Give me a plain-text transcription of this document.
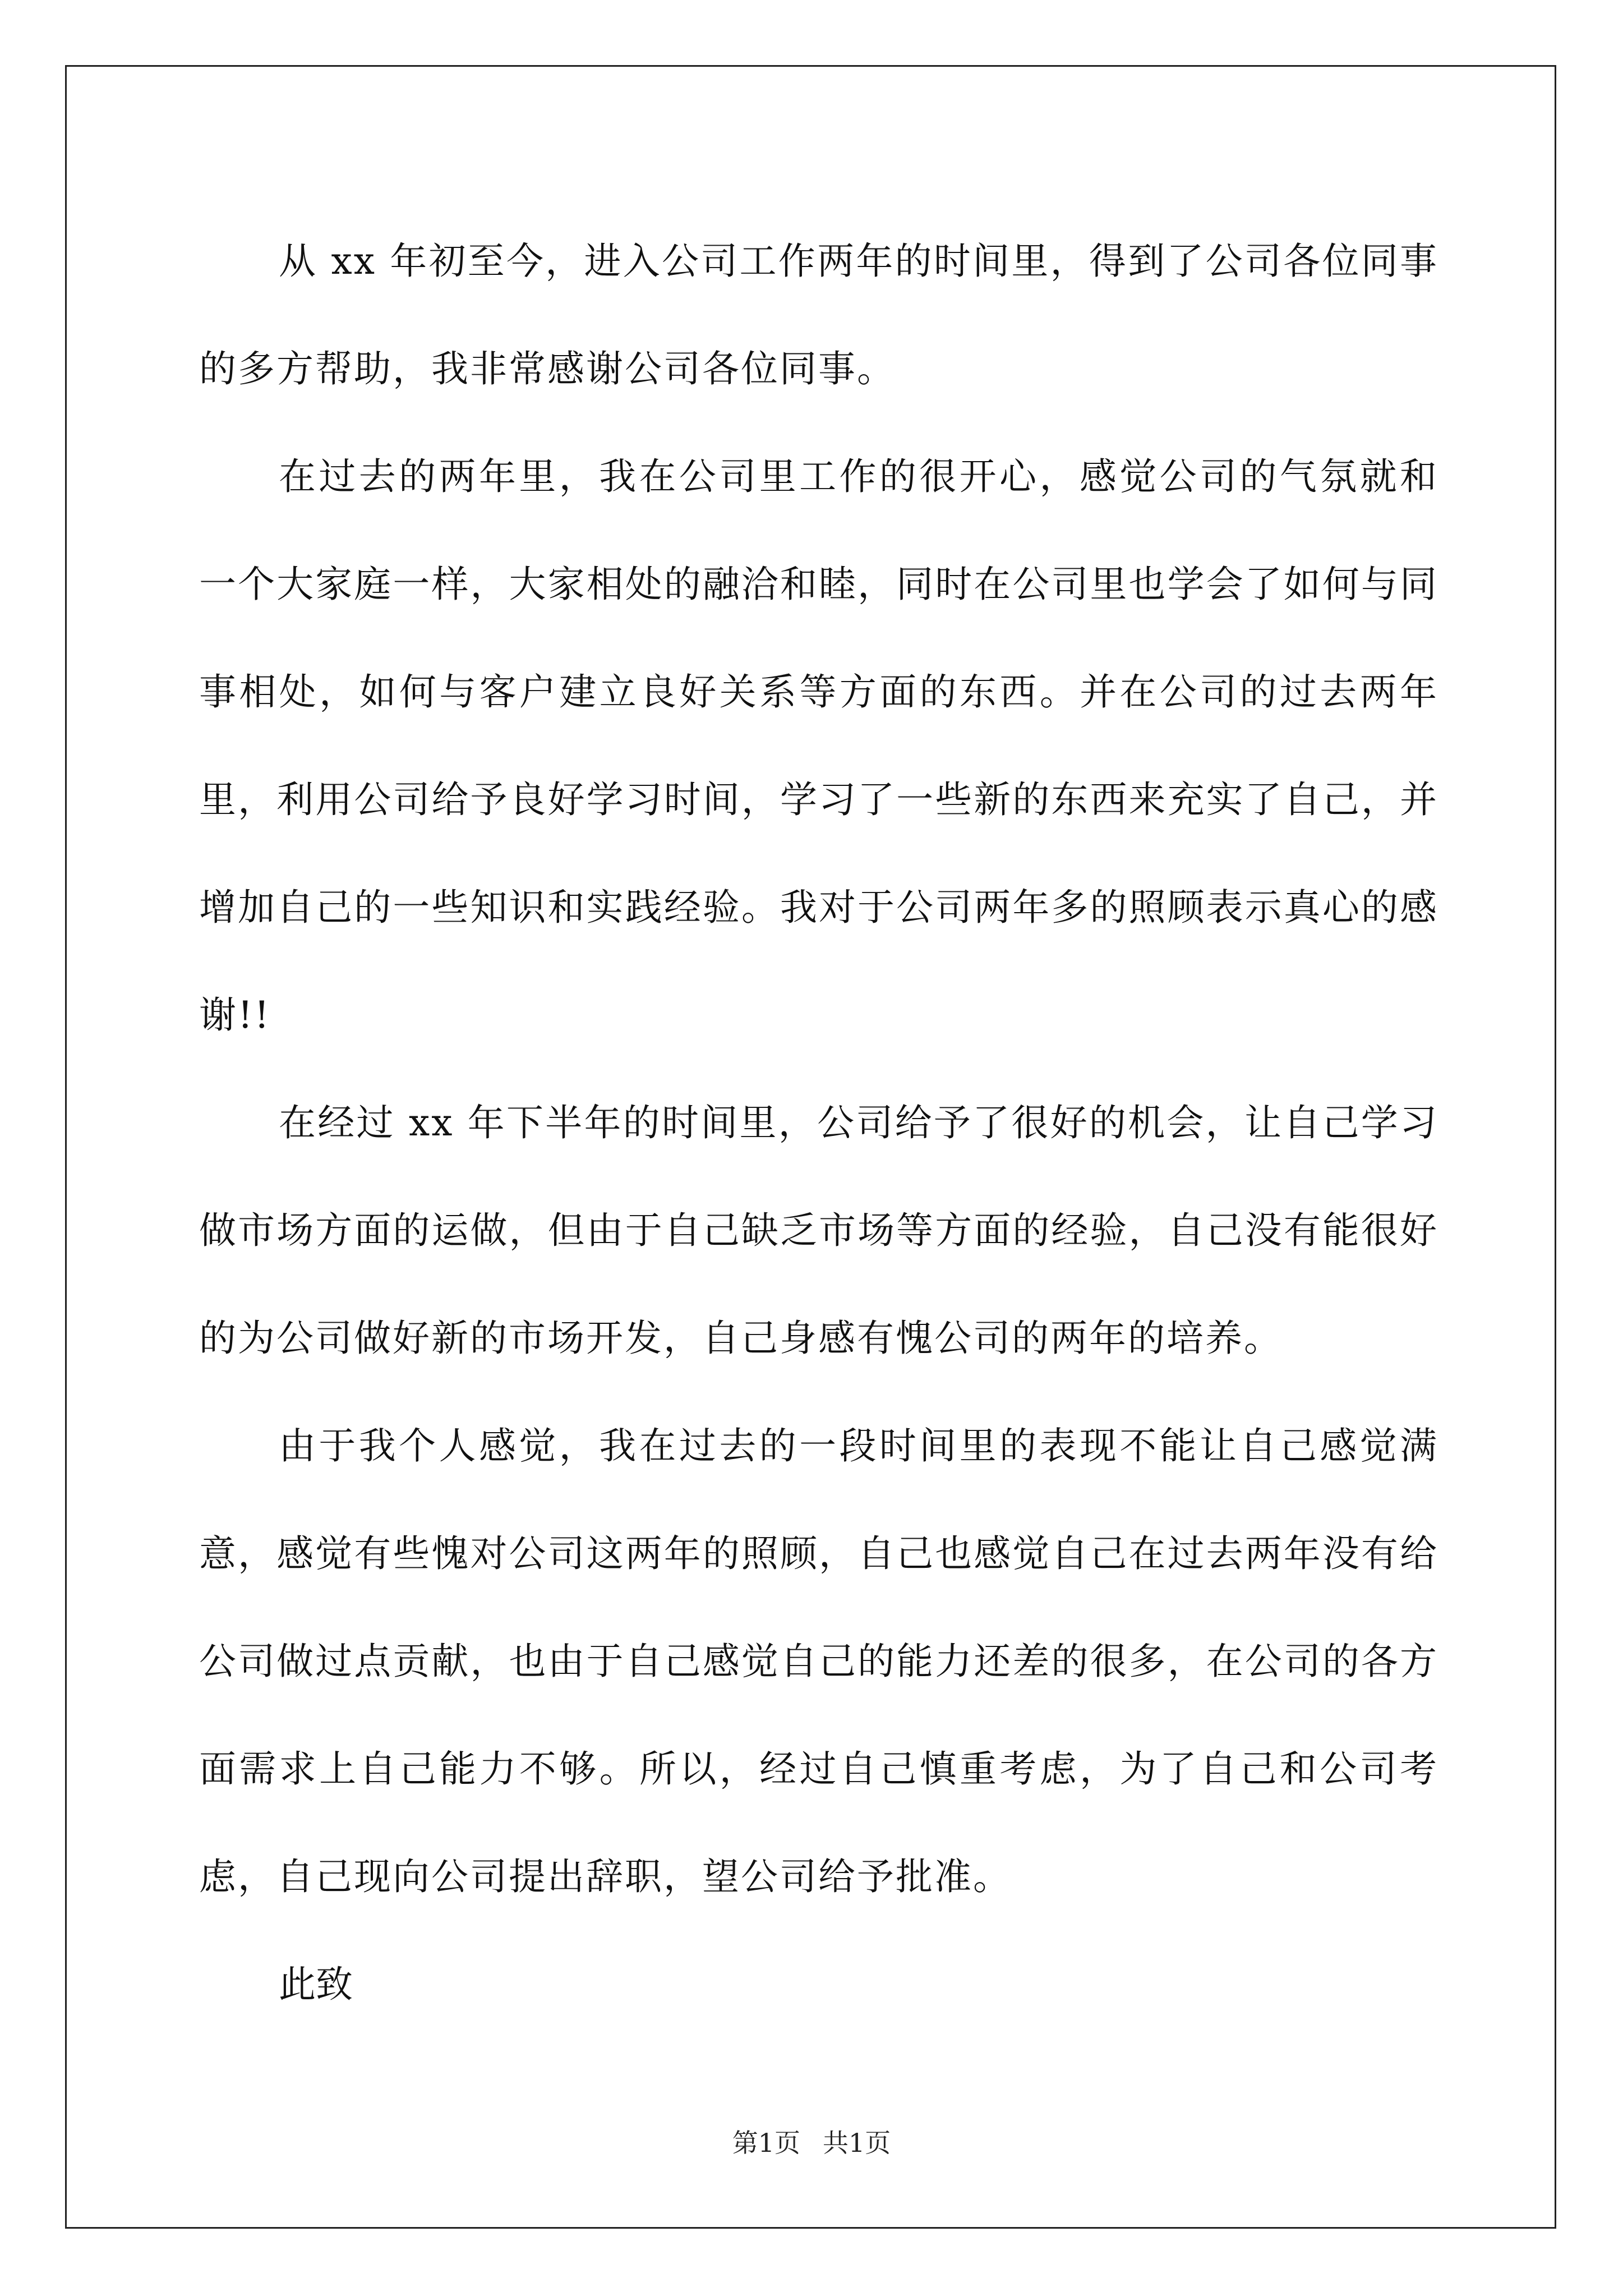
从 xx 年初至今，进入公司工作两年的时间里，得到了公司各位同事的多方帮助，我非常感谢公司各位同事。

在过去的两年里，我在公司里工作的很开心，感觉公司的气氛就和一个大家庭一样，大家相处的融洽和睦，同时在公司里也学会了如何与同事相处，如何与客户建立良好关系等方面的东西。并在公司的过去两年里，利用公司给予良好学习时间，学习了一些新的东西来充实了自己，并增加自己的一些知识和实践经验。我对于公司两年多的照顾表示真心的感谢!!

在经过 xx 年下半年的时间里，公司给予了很好的机会，让自己学习做市场方面的运做，但由于自己缺乏市场等方面的经验，自己没有能很好的为公司做好新的市场开发，自己身感有愧公司的两年的培养。

由于我个人感觉，我在过去的一段时间里的表现不能让自己感觉满意，感觉有些愧对公司这两年的照顾，自己也感觉自己在过去两年没有给公司做过点贡献，也由于自己感觉自己的能力还差的很多，在公司的各方面需求上自己能力不够。所以，经过自己慎重考虑，为了自己和公司考虑，自己现向公司提出辞职，望公司给予批准。

此致

第1页 共1页
